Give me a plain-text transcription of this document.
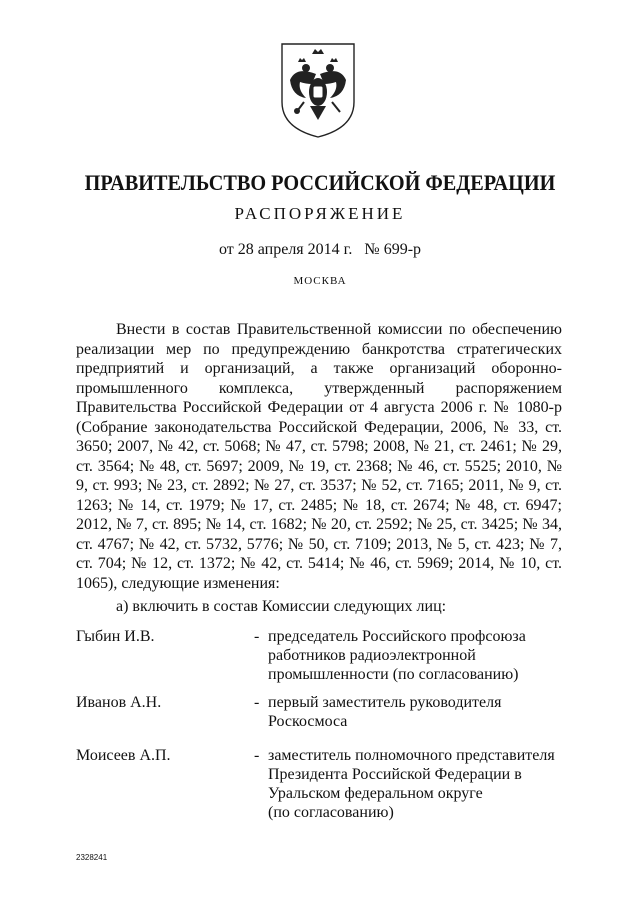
ПРАВИТЕЛЬСТВО РОССИЙСКОЙ ФЕДЕРАЦИИ
РАСПОРЯЖЕНИЕ
от 28 апреля 2014 г. № 699-р
МОСКВА

Внести в состав Правительственной комиссии по обеспечению реализации мер по предупреждению банкротства стратегических предприятий и организаций, а также организаций оборонно-промышленного комплекса, утвержденный распоряжением Правительства Российской Федерации от 4 августа 2006 г. № 1080-р (Собрание законодательства Российской Федерации, 2006, № 33, ст. 3650; 2007, № 42, ст. 5068; № 47, ст. 5798; 2008, № 21, ст. 2461; № 29, ст. 3564; № 48, ст. 5697; 2009, № 19, ст. 2368; № 46, ст. 5525; 2010, № 9, ст. 993; № 23, ст. 2892; № 27, ст. 3537; № 52, ст. 7165; 2011, № 9, ст. 1263; № 14, ст. 1979; № 17, ст. 2485; № 18, ст. 2674; № 48, ст. 6947; 2012, № 7, ст. 895; № 14, ст. 1682; № 20, ст. 2592; № 25, ст. 3425; № 34, ст. 4767; № 42, ст. 5732, 5776; № 50, ст. 7109; 2013, № 5, ст. 423; № 7, ст. 704; № 12, ст. 1372; № 42, ст. 5414; № 46, ст. 5969; 2014, № 10, ст. 1065), следующие изменения:

а) включить в состав Комиссии следующих лиц:
Гыбин И.В.	- председатель Российского профсоюза
работников радиоэлектронной
промышленности (по согласованию)
Иванов А.Н.	- первый заместитель руководителя
Роскосмоса
Моисеев А.П.	- заместитель полномочного представителя
Президента Российской Федерации в
Уральском федеральном округе
(по согласованию)
2328241
